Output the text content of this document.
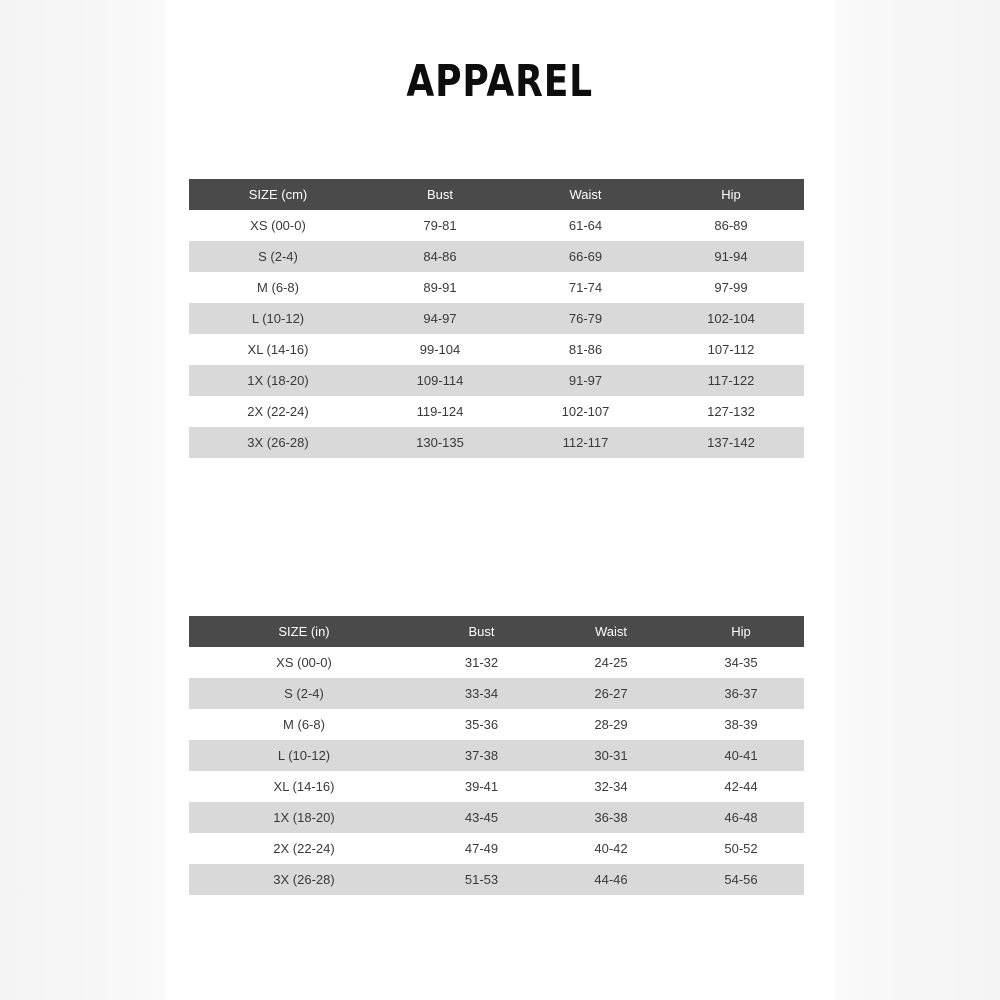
APPAREL
SIZE (cm)	Bust	Waist	Hip
XS (00-0)	79-81	61-64	86-89
S (2-4)	84-86	66-69	91-94
M (6-8)	89-91	71-74	97-99
L (10-12)	94-97	76-79	102-104
XL (14-16)	99-104	81-86	107-112
1X (18-20)	109-114	91-97	117-122
2X (22-24)	119-124	102-107	127-132
3X (26-28)	130-135	112-117	137-142
SIZE (in)	Bust	Waist	Hip
XS (00-0)	31-32	24-25	34-35
S (2-4)	33-34	26-27	36-37
M (6-8)	35-36	28-29	38-39
L (10-12)	37-38	30-31	40-41
XL (14-16)	39-41	32-34	42-44
1X (18-20)	43-45	36-38	46-48
2X (22-24)	47-49	40-42	50-52
3X (26-28)	51-53	44-46	54-56
